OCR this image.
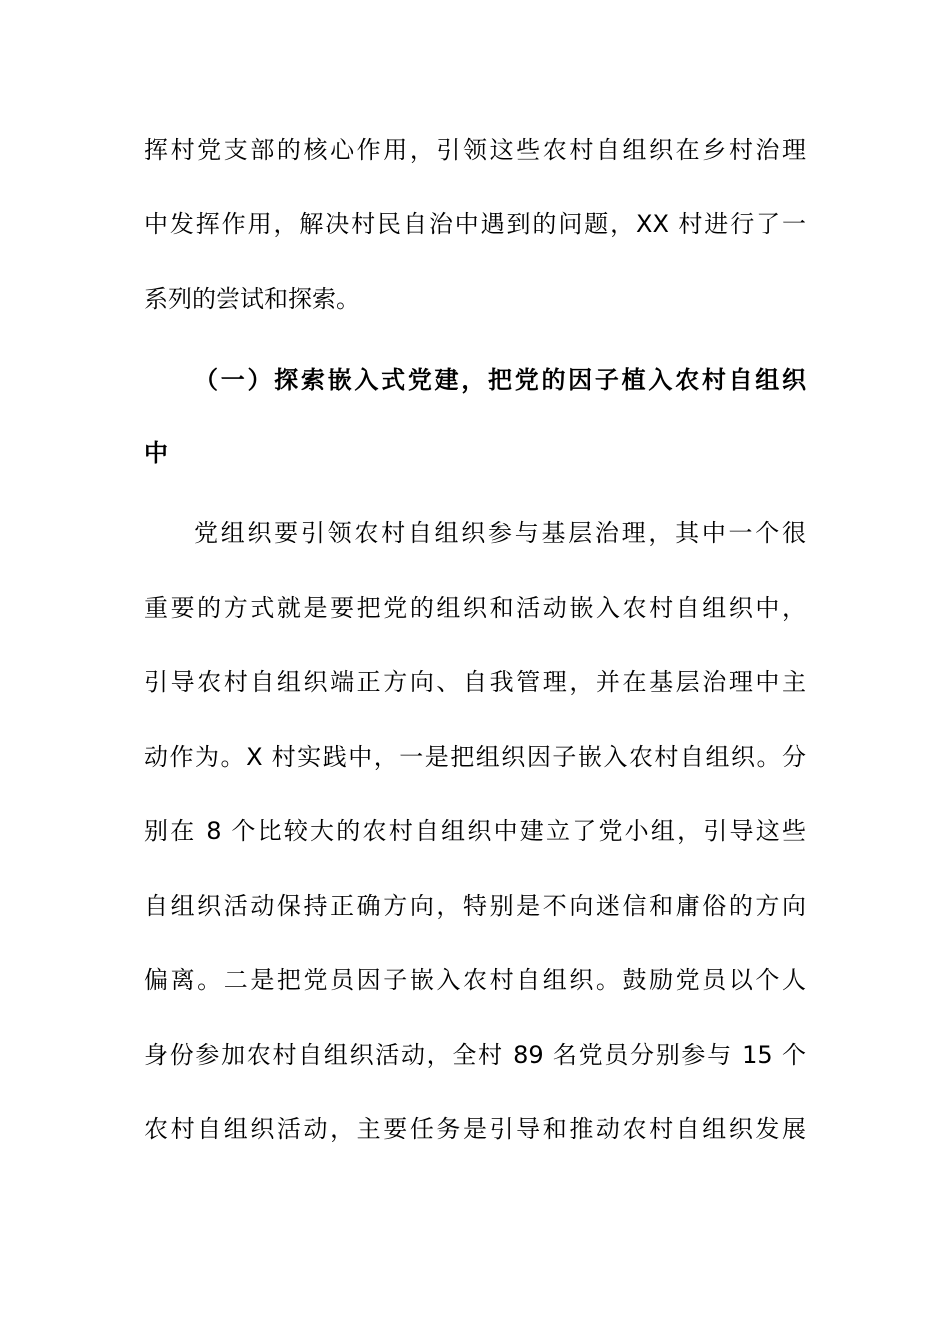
挥村党支部的核心作用，引领这些农村自组织在乡村治理
中发挥作用，解决村民自治中遇到的问题，XX 村进行了一
系列的尝试和探索。
（一）探索嵌入式党建，把党的因子植入农村自组织
中
党组织要引领农村自组织参与基层治理，其中一个很
重要的方式就是要把党的组织和活动嵌入农村自组织中，
引导农村自组织端正方向、自我管理，并在基层治理中主
动作为。X 村实践中，一是把组织因子嵌入农村自组织。分
别在 8 个比较大的农村自组织中建立了党小组，引导这些
自组织活动保持正确方向，特别是不向迷信和庸俗的方向
偏离。二是把党员因子嵌入农村自组织。鼓励党员以个人
身份参加农村自组织活动，全村 89 名党员分别参与 15 个
农村自组织活动，主要任务是引导和推动农村自组织发展
